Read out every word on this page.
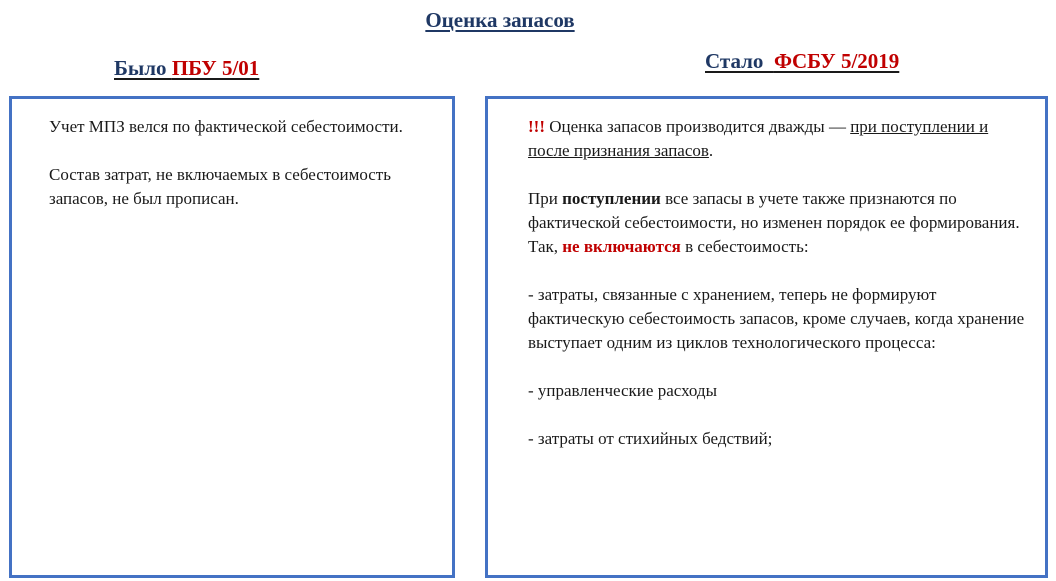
Оценка запасов
Было ПБУ 5/01	Стало  ФСБУ 5/2019

Учет МПЗ велся по фактической себестоимости.

Состав затрат, не включаемых в себестоимость запасов, не был прописан.

!!! Оценка запасов производится дважды — при поступлении и после признания запасов.

При поступлении все запасы в учете также признаются по фактической себестоимости, но изменен порядок ее формирования. Так, не включаются в себестоимость:

- затраты, связанные с хранением, теперь не формируют фактическую себестоимость запасов, кроме случаев, когда хранение выступает одним из циклов технологического процесса:

- управленческие расходы

- затраты от стихийных бедствий;
